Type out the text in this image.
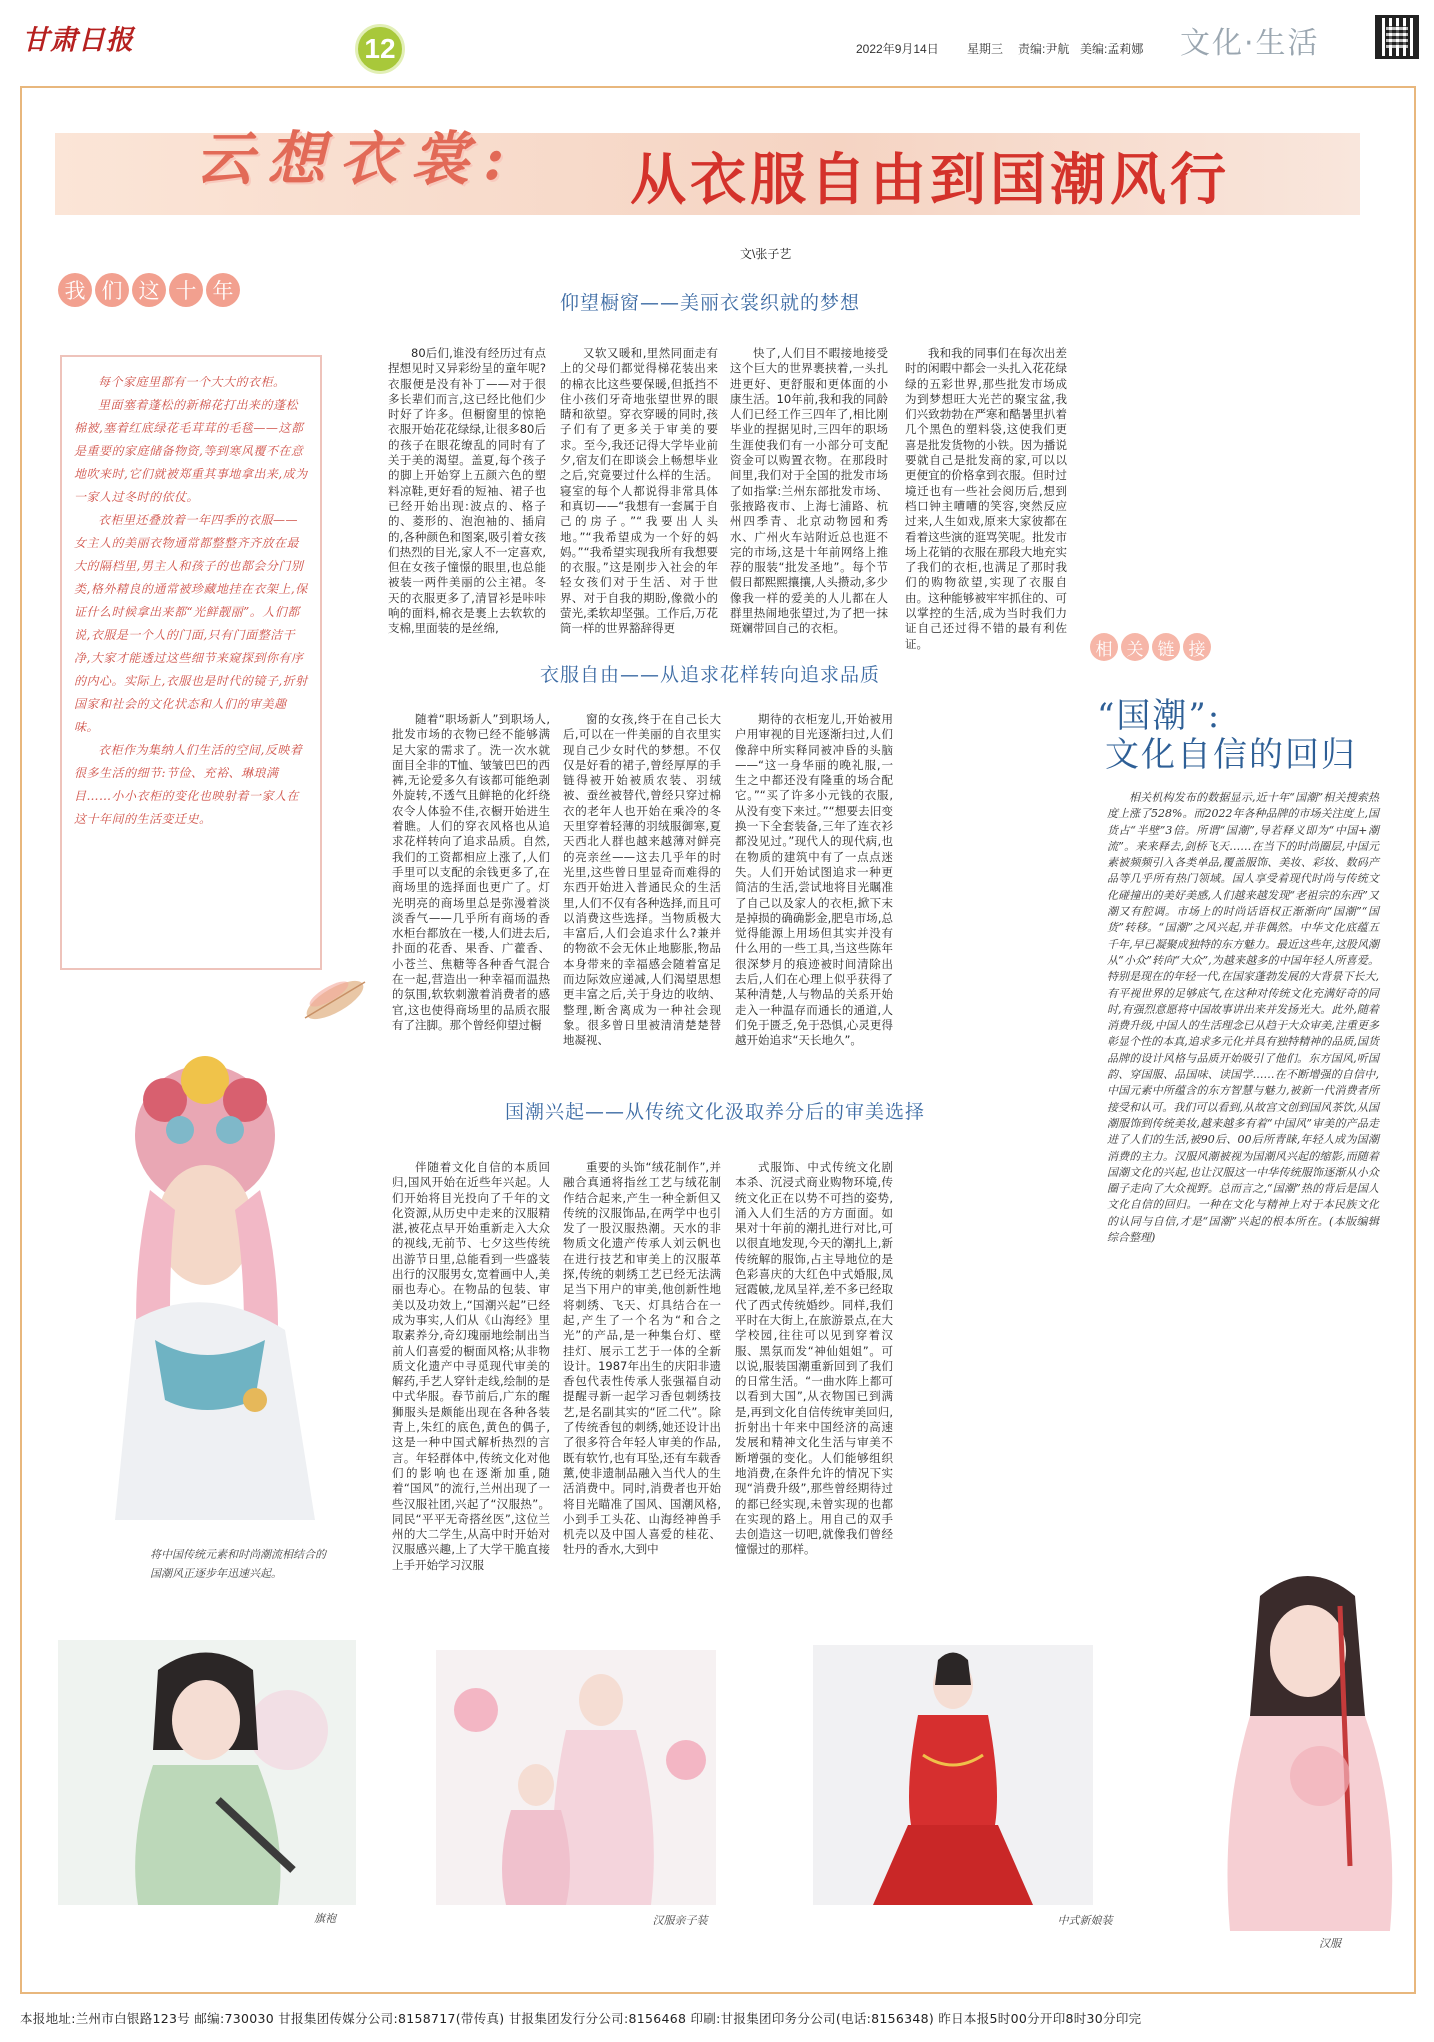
甘肃日报	12	2022年9月14日 星期三 责编:尹航 美编:孟莉娜 文化·生活
云想衣裳: 从衣服自由到国潮风行
文\张子艺
我 们 这 十 年	仰望橱窗——美丽衣裳织就的梦想

每个家庭里都有一个大大的衣柜。

里面塞着蓬松的新棉花打出来的蓬松棉被,塞着红底绿花毛茸茸的毛毯——这都是重要的家庭储备物资,等到寒风覆不在意地吹来时,它们就被郑重其事地拿出来,成为一家人过冬时的依仗。

衣柜里还叠放着一年四季的衣服——女主人的美丽衣物通常都整整齐齐放在最大的隔档里,男主人和孩子的也都会分门别类,格外精良的通常被珍藏地挂在衣架上,保证什么时候拿出来都“光鲜靓丽”。人们都说,衣服是一个人的门面,只有门面整洁干净,大家才能透过这些细节来窥探到你有序的内心。实际上,衣服也是时代的镜子,折射国家和社会的文化状态和人们的审美趣味。

衣柜作为集纳人们生活的空间,反映着很多生活的细节:节俭、充裕、琳琅满目……小小衣柜的变化也映射着一家人在这十年间的生活变迁史。

80后们,谁没有经历过有点捏想见时又异彩纷呈的童年呢?衣服便是没有补丁——对于很多长辈们而言,这已经比他们少时好了许多。但橱窗里的惊艳衣服开始花花绿绿,让很多80后的孩子在眼花缭乱的同时有了关于美的渴望。盖夏,每个孩子的脚上开始穿上五颜六色的塑料凉鞋,更好看的短袖、裙子也已经开始出现:波点的、格子的、菱形的、泡泡袖的、插肩的,各种颜色和图案,吸引着女孩们热烈的目光,家人不一定喜欢,但在女孩子憧憬的眼里,也总能被装一两件美丽的公主裙。冬天的衣服更多了,清冒衫是咔咔响的面料,棉衣是裹上去软软的支棉,里面装的是丝绵,
又软又暖和,里然同面走有上的父母们都觉得梯花装出来的棉衣比这些要保暖,但抵挡不住小孩们牙奇地张望世界的眼睛和欲望。穿衣穿暖的同时,孩子们有了更多关于审美的要求。至今,我还记得大学毕业前夕,宿友们在即谈会上畅想毕业之后,究竟要过什么样的生活。寝室的每个人都说得非常具体和真切——“我想有一套属于自己的房子。”“我要出人头地。”“我希望成为一个好的妈妈。”“我希望实现我所有我想要的衣服。”这是刚步入社会的年轻女孩们对于生活、对于世界、对于自我的期盼,像微小的萤光,柔软却坚强。工作后,万花筒一样的世界豁辞得更
快了,人们目不暇接地接受这个巨大的世界裹挟着,一头扎进更好、更舒服和更体面的小康生活。10年前,我和我的同龄人们已经工作三四年了,相比刚毕业的捏据见时,三四年的职场生涯使我们有一小部分可支配资金可以购置衣物。在那段时间里,我们对于全国的批发市场了如指掌:兰州东部批发市场、张掖路夜市、上海七浦路、杭州四季青、北京动物园和秀水、广州火车站附近总也逛不完的市场,这是十年前网络上推荐的服装“批发圣地”。每个节假日都熙熙攘攘,人头攒动,多少像我一样的爱美的人儿都在人群里热闹地张望过,为了把一抹斑斓带回自己的衣柜。
我和我的同事们在每次出差时的闲暇中都会一头扎入花花绿绿的五彩世界,那些批发市场成为到梦想旺大光芒的聚宝盆,我们兴致勃勃在严寒和酷暑里扒着几个黑色的塑料袋,这使我们更喜是批发货物的小铁。因为播说要就自己是批发商的家,可以以更便宜的价格拿到衣服。但时过境迁也有一些社会阅历后,想到档口钟主嘈嘈的笑容,突然反应过来,人生如戏,原来大家彼都在看着这些演的逛骂笑呢。批发市场上花销的衣服在那段大地充实了我们的衣柜,也满足了那时我们的购物欲望,实现了衣服自由。这种能够被牢牢抓住的、可以掌控的生活,成为当时我们力证自己还过得不错的最有利佐证。	相 关 链 接
“国潮”:
文化自信的回归
衣服自由——从追求花样转向追求品质
随着“职场新人”到职场人,批发市场的衣物已经不能够满足大家的需求了。洗一次水就面目全非的T恤、皱皱巴巴的西裤,无论爱多久有该都可能绝剥外旋转,不透气且鲜艳的化纤绕农令人体验不佳,衣橱开始进生着瞧。人们的穿衣风格也从追求花样转向了追求品质。自然,我们的工资都相应上涨了,人们手里可以支配的余钱更多了,在商场里的选择面也更广了。灯光明亮的商场里总是弥漫着淡淡香气——几乎所有商场的香水柜台都放在一楼,人们进去后,扑面的花香、果香、广藿香、小苍兰、焦糖等各种香气混合在一起,营造出一种幸福而温热的氛围,软软刺激着消费者的感官,这也使得商场里的品质衣服有了注脚。那个曾经仰望过橱
窗的女孩,终于在自己长大后,可以在一件美丽的自衣里实现自己少女时代的梦想。不仅仅是好看的裙子,曾经厚厚的手链得被开始被质农装、羽绒被、蚕丝被替代,曾经只穿过棉衣的老年人也开始在乘冷的冬天里穿着轻薄的羽绒服御寒,夏天西北人群也越来越薄对鲜亮的亮亲丝——这去几乎年的时光里,这些曾日里显奇而难得的东西开始进入普通民众的生活里,人们不仅有各种选择,而且可以消费这些选择。当物质极大丰富后,人们会追求什么?兼并的物欲不会无休止地膨胀,物品本身带来的幸福感会随着富足而边际效应递减,人们渴望思想更丰富之后,关于身边的收纳、整理,断舍离成为一种社会现象。很多曾日里被清清楚楚替地凝视、
期待的衣柜宠儿,开始被用户用审视的目光逐渐扫过,人们像辞中所实释同被冲昏的头脑——“这一身华丽的晚礼服,一生之中都还没有隆重的场合配它。”“买了许多小元钱的衣服,从没有变下来过。”“想要去旧变换一下全套装备,三年了连衣衫都没见过。”现代人的现代病,也在物质的建筑中有了一点点迷失。人们开始试图追求一种更简洁的生活,尝试地将目光瞩准了自己以及家人的衣柜,掀下末是掉损的确确影金,肥皂市场,总觉得能源上用场但其实并没有什么用的一些工具,当这些陈年很深梦月的痕迹被时间清除出去后,人们在心理上似乎获得了某种清楚,人与物品的关系开始走入一种温存而通长的通道,人们免于匮乏,免于恐惧,心灵更得越开始追求“天长地久”。
国潮兴起——从传统文化汲取养分后的审美选择
伴随着文化自信的本质回归,国风开始在近些年兴起。人们开始将目光投向了千年的文化资源,从历史中走来的汉服精湛,被花点早开始重新走入大众的视线,无前节、七夕这些传统出游节日里,总能看到一些盛装出行的汉服男女,宽着画中人,美丽也寿心。在物品的包装、审美以及功效上,“国潮兴起”已经成为事实,人们从《山海经》里取素养分,奇幻瑰丽地绘制出当前人们喜爱的橱面风格;从非物质文化遗产中寻觅现代审美的解药,手艺人穿针走线,绘制的是中式华服。春节前后,广东的醒狮服头是颇能出现在各种各装青上,朱红的底色,黄色的偶子,这是一种中国式解析热烈的言言。年轻群体中,传统文化对他们的影响也在逐渐加重,随着“国风”的流行,兰州出现了一些汉服社团,兴起了“汉服热”。同民“平平无奇搭丝医”,这位兰州的大二学生,从高中时开始对汉服感兴趣,上了大学干脆直接上手开始学习汉服
重要的头饰“绒花制作”,并融合真通将指丝工艺与绒花制作结合起来,产生一种全新但又传统的汉服饰品,在两学中也引发了一股汉服热潮。天水的非物质文化遗产传承人刘云帆也在进行技艺和审美上的汉服革探,传统的刺绣工艺已经无法满足当下用户的审美,他创新性地将刺绣、飞天、灯具结合在一起,产生了一个名为“和合之光”的产品,是一种集台灯、壁挂灯、展示工艺于一体的全新设计。1987年出生的庆阳非遗香包代表性传承人张强福自动提醒寻新一起学习香包刺绣技艺,是名副其实的“匠二代”。除了传统香包的刺绣,她还设计出了很多符合年轻人审美的作品,既有软竹,也有耳坠,还有车载香薰,使非遗制品融入当代人的生活消费中。同时,消费者也开始将目光瞄准了国风、国潮风格,小到手工头花、山海经神兽手机壳以及中国人喜爱的桂花、牡丹的香水,大到中
式服饰、中式传统文化剧本杀、沉浸式商业购物环境,传统文化正在以势不可挡的姿势,涌入人们生活的方方面面。如果对十年前的潮扎进行对比,可以很直地发现,今天的潮扎上,新传统解的服饰,占主导地位的是色彩喜庆的大红色中式婚服,凤冠霞帔,龙凤呈祥,差不多已经取代了西式传统婚纱。同样,我们平时在大街上,在旅游景点,在大学校园,往往可以见到穿着汉服、黑氛而发“神仙姐姐”。可以说,服装国潮重新回到了我们的日常生活。“一曲水阵上都可以看到大国”,从衣物国已到满是,再到文化自信传统审美回归,折射出十年来中国经济的高速发展和精神文化生活与审美不断增强的变化。人们能够组织地消费,在条件允许的情况下实现“消费升级”,那些曾经期待过的都已经实现,未曾实现的也都在实现的路上。用自己的双手去创造这一切吧,就像我们曾经憧憬过的那样。
相关机构发布的数据显示,近十年“国潮”相关搜索热度上涨了528%。而2022年各种品牌的市场关注度上,国货占“半壁”3倍。所谓“国潮”,导若释义即为“中国+潮流”。来来释去,剑桥飞天……在当下的时尚圈层,中国元素被频频引入各类单品,覆盖服饰、美妆、彩妆、数码产品等几乎所有热门领域。国人享受着现代时尚与传统文化碰撞出的美好美感,人们越来越发现“老祖宗的东西”又潮又有腔调。市场上的时尚话语权正渐渐向“国潮”“国货”转移。“国潮”之风兴起,并非偶然。中华文化底蕴五千年,早已凝聚成独特的东方魅力。最近这些年,这股风潮从“小众”转向“大众”,为越来越多的中国年轻人所喜爱。特别是现在的年轻一代,在国家蓬勃发展的大背景下长大,有平视世界的足够底气,在这种对传统文化充满好奇的同时,有强烈意愿将中国故事讲出来并发扬光大。此外,随着消费升级,中国人的生活理念已从趋于大众审美,注重更多彰显个性的本真,追求多元化并具有独特精神的品质,国货品牌的设计风格与品质开始吸引了他们。东方国风,听国韵、穿国服、品国味、读国学……在不断增强的自信中,中国元素中所蕴含的东方智慧与魅力,被新一代消费者所接受和认可。我们可以看到,从故宫文创到国风茶饮,从国潮服饰到传统美妆,越来越多有着“中国风”审美的产品走进了人们的生活,被90后、00后所青睐,年轻人成为国潮消费的主力。汉服风潮被视为国潮风兴起的缩影,而随着国潮文化的兴起,也让汉服这一中华传统服饰逐渐从小众圈子走向了大众视野。总而言之,“国潮”热的背后是国人文化自信的回归。一种在文化与精神上对于本民族文化的认同与自信,才是“国潮”兴起的根本所在。(本版编辑综合整理)
将中国传统元素和时尚潮流相结合的国潮风正逐步年迅速兴起。
汉服
旗袍	汉服亲子装	中式新娘装
本报地址:兰州市白银路123号 邮编:730030 甘报集团传媒分公司:8158717(带传真) 甘报集团发行分公司:8156468 印刷:甘报集团印务分公司(电话:8156348) 昨日本报5时00分开印8时30分印完
